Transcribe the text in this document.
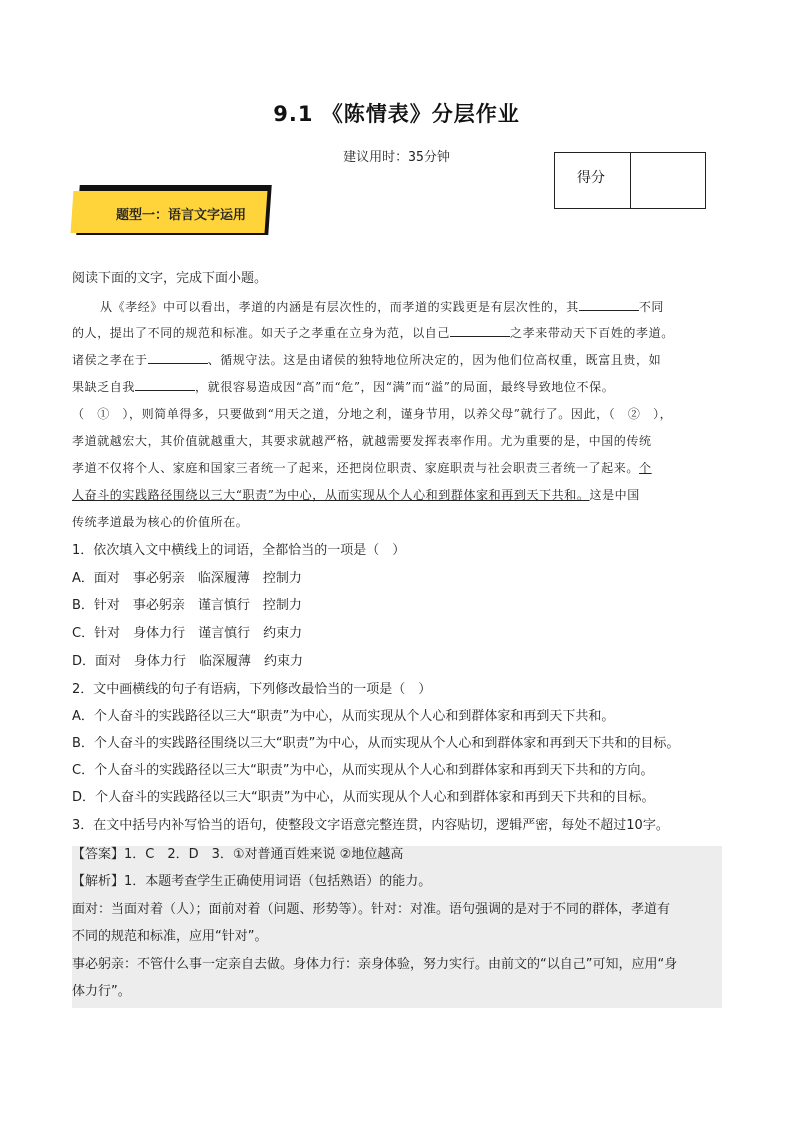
9.1 《陈情表》分层作业
建议用时：35分钟
得分
题型一：语言文字运用
阅读下面的文字，完成下面小题。
从《孝经》中可以看出，孝道的内涵是有层次性的，而孝道的实践更是有层次性的，其	不同
的人，提出了不同的规范和标准。如天子之孝重在立身为范，以自己	之孝来带动天下百姓的孝道。
诸侯之孝在于	、循规守法。这是由诸侯的独特地位所决定的，因为他们位高权重，既富且贵，如
果缺乏自我	，就很容易造成因“高”而“危”，因“满”而“溢”的局面，最终导致地位不保。
（　①　），则简单得多，只要做到“用天之道，分地之利，谨身节用，以养父母”就行了。因此，（　②　），
孝道就越宏大，其价值就越重大，其要求就越严格，就越需要发挥表率作用。尤为重要的是，中国的传统
孝道不仅将个人、家庭和国家三者统一了起来，还把岗位职责、家庭职责与社会职责三者统一了起来。个
人奋斗的实践路径围绕以三大“职责”为中心，从而实现从个人心和到群体家和再到天下共和。这是中国
传统孝道最为核心的价值所在。
1．依次填入文中横线上的词语，全都恰当的一项是（　）
A．面对　事必躬亲　临深履薄　控制力
B．针对　事必躬亲　谨言慎行　控制力
C．针对　身体力行　谨言慎行　约束力
D．面对　身体力行　临深履薄　约束力
2．文中画横线的句子有语病，下列修改最恰当的一项是（　）
A．个人奋斗的实践路径以三大“职责”为中心，从而实现从个人心和到群体家和再到天下共和。
B．个人奋斗的实践路径围绕以三大“职责”为中心，从而实现从个人心和到群体家和再到天下共和的目标。
C．个人奋斗的实践路径以三大“职责”为中心，从而实现从个人心和到群体家和再到天下共和的方向。
D．个人奋斗的实践路径以三大“职责”为中心，从而实现从个人心和到群体家和再到天下共和的目标。
3．在文中括号内补写恰当的语句，使整段文字语意完整连贯，内容贴切，逻辑严密，每处不超过10字。
【答案】1．C　2．D　3．①对普通百姓来说 ②地位越高
【解析】1．本题考查学生正确使用词语（包括熟语）的能力。
面对：当面对着（人）；面前对着（问题、形势等）。针对：对准。语句强调的是对于不同的群体，孝道有
不同的规范和标准，应用“针对”。
事必躬亲：不管什么事一定亲自去做。身体力行：亲身体验，努力实行。由前文的“以自己”可知，应用“身
体力行”。
